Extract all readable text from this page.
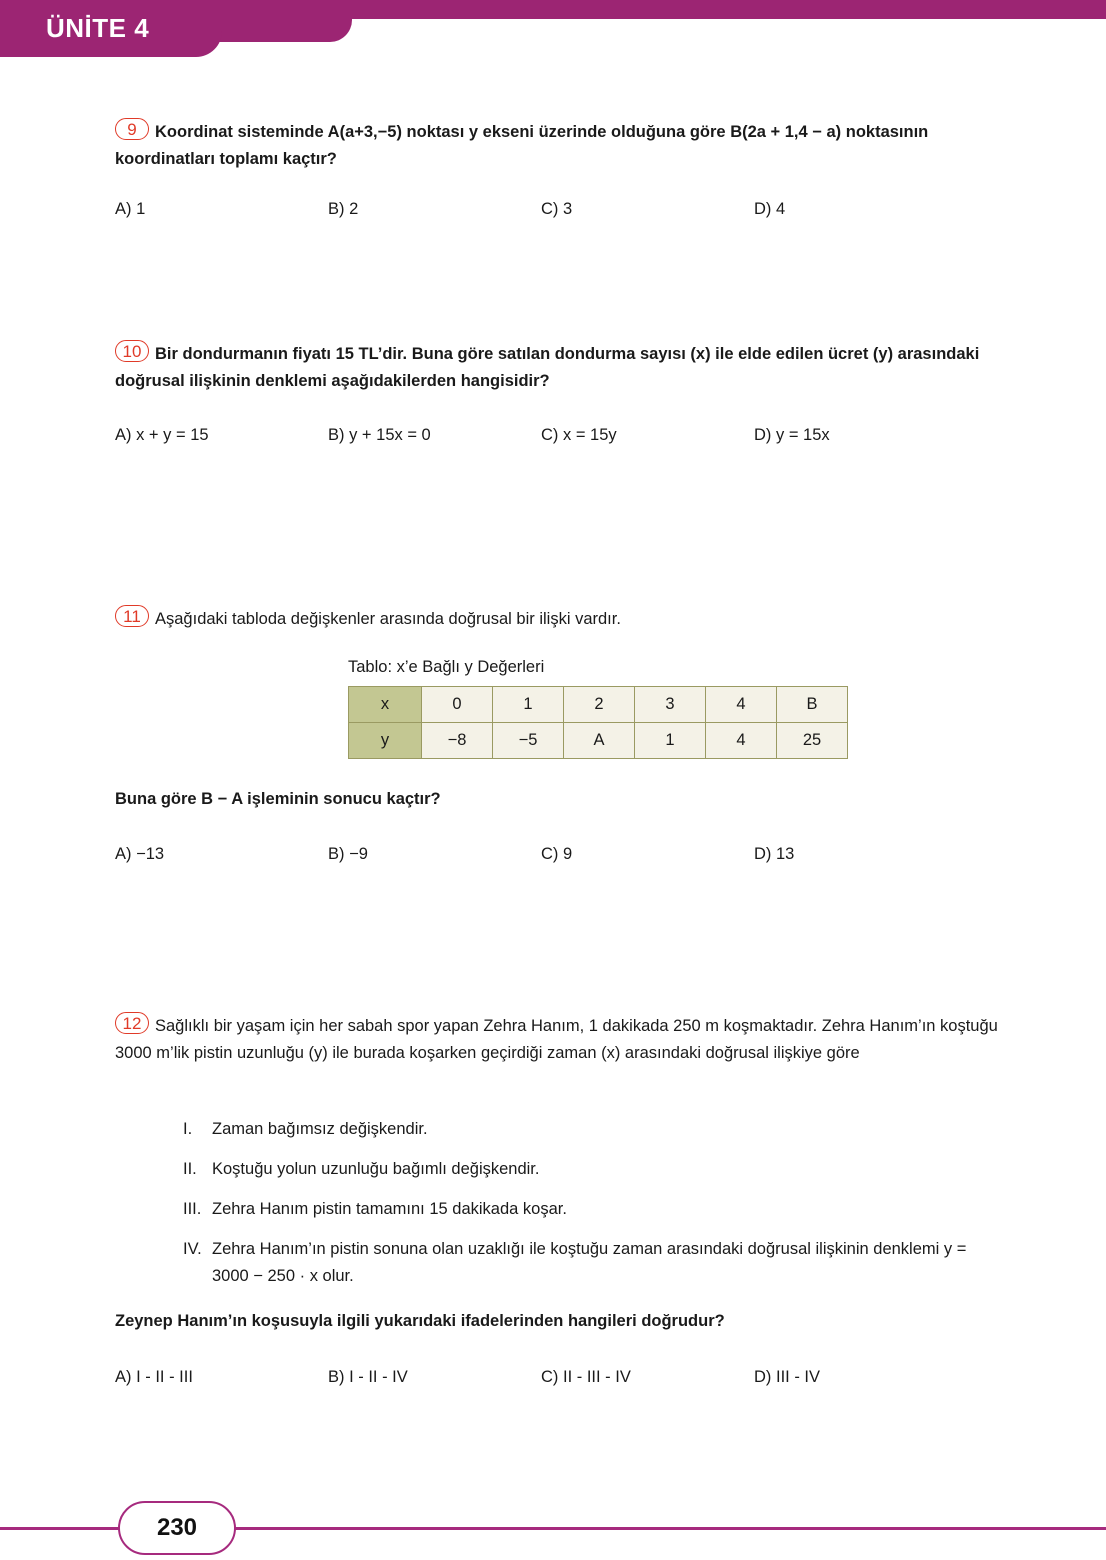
ÜNİTE 4
9 Koordinat sisteminde A(a+3,−5) noktası y ekseni üzerinde olduğuna göre B(2a + 1,4 − a) noktasının koordinatları toplamı kaçtır?
A) 1	B) 2	C) 3	D) 4
10 Bir dondurmanın fiyatı 15 TL’dir. Buna göre satılan dondurma sayısı (x) ile elde edilen ücret (y) arasındaki doğrusal ilişkinin denklemi aşağıdakilerden hangisidir?
A) x + y = 15	B) y + 15x = 0	C) x = 15y	D) y = 15x
11 Aşağıdaki tabloda değişkenler arasında doğrusal bir ilişki vardır.
Tablo: x’e Bağlı y Değerleri
x	0	1	2	3	4	B
y	−8	−5	A	1	4	25
Buna göre B − A işleminin sonucu kaçtır?
A) −13	B) −9	C) 9	D) 13
12 Sağlıklı bir yaşam için her sabah spor yapan Zehra Hanım, 1 dakikada 250 m koşmaktadır. Zehra Hanım’ın koştuğu 3000 m’lik pistin uzunluğu (y) ile burada koşarken geçirdiği zaman (x) arasındaki doğrusal ilişkiye göre
I.	Zaman bağımsız değişkendir.
II. Koştuğu yolun uzunluğu bağımlı değişkendir.
III. Zehra Hanım pistin tamamını 15 dakikada koşar.
IV. Zehra Hanım’ın pistin sonuna olan uzaklığı ile koştuğu zaman arasındaki doğrusal ilişkinin denklemi y = 3000 − 250 · x olur.
Zeynep Hanım’ın koşusuyla ilgili yukarıdaki ifadelerinden hangileri doğrudur?
A) I - II - III	B) I - II - IV	C) II - III - IV	D) III - IV
230
